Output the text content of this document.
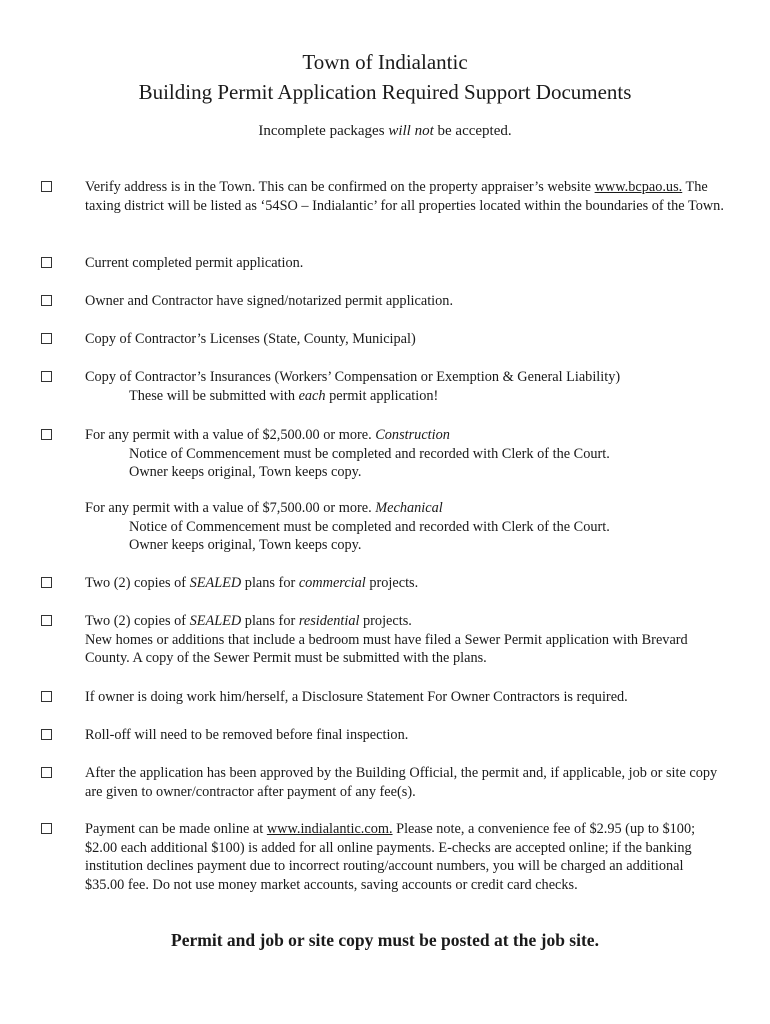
Town of Indialantic
Building Permit Application Required Support Documents
Incomplete packages will not be accepted.
Verify address is in the Town. This can be confirmed on the property appraiser’s website www.bcpao.us. The taxing district will be listed as ‘54SO – Indialantic’ for all properties located within the boundaries of the Town.
Current completed permit application.
Owner and Contractor have signed/notarized permit application.
Copy of Contractor’s Licenses (State, County, Municipal)
Copy of Contractor’s Insurances (Workers’ Compensation or Exemption & General Liability)
These will be submitted with each permit application!
For any permit with a value of $2,500.00 or more. Construction
Notice of Commencement must be completed and recorded with Clerk of the Court.
Owner keeps original, Town keeps copy.
For any permit with a value of $7,500.00 or more. Mechanical
Notice of Commencement must be completed and recorded with Clerk of the Court.
Owner keeps original, Town keeps copy.
Two (2) copies of SEALED plans for commercial projects.
Two (2) copies of SEALED plans for residential projects.
New homes or additions that include a bedroom must have filed a Sewer Permit application with Brevard County. A copy of the Sewer Permit must be submitted with the plans.
If owner is doing work him/herself, a Disclosure Statement For Owner Contractors is required.
Roll-off will need to be removed before final inspection.
After the application has been approved by the Building Official, the permit and, if applicable, job or site copy are given to owner/contractor after payment of any fee(s).
Payment can be made online at www.indialantic.com. Please note, a convenience fee of $2.95 (up to $100; $2.00 each additional $100) is added for all online payments. E-checks are accepted online; if the banking institution declines payment due to incorrect routing/account numbers, you will be charged an additional $35.00 fee. Do not use money market accounts, saving accounts or credit card checks.
Permit and job or site copy must be posted at the job site.
